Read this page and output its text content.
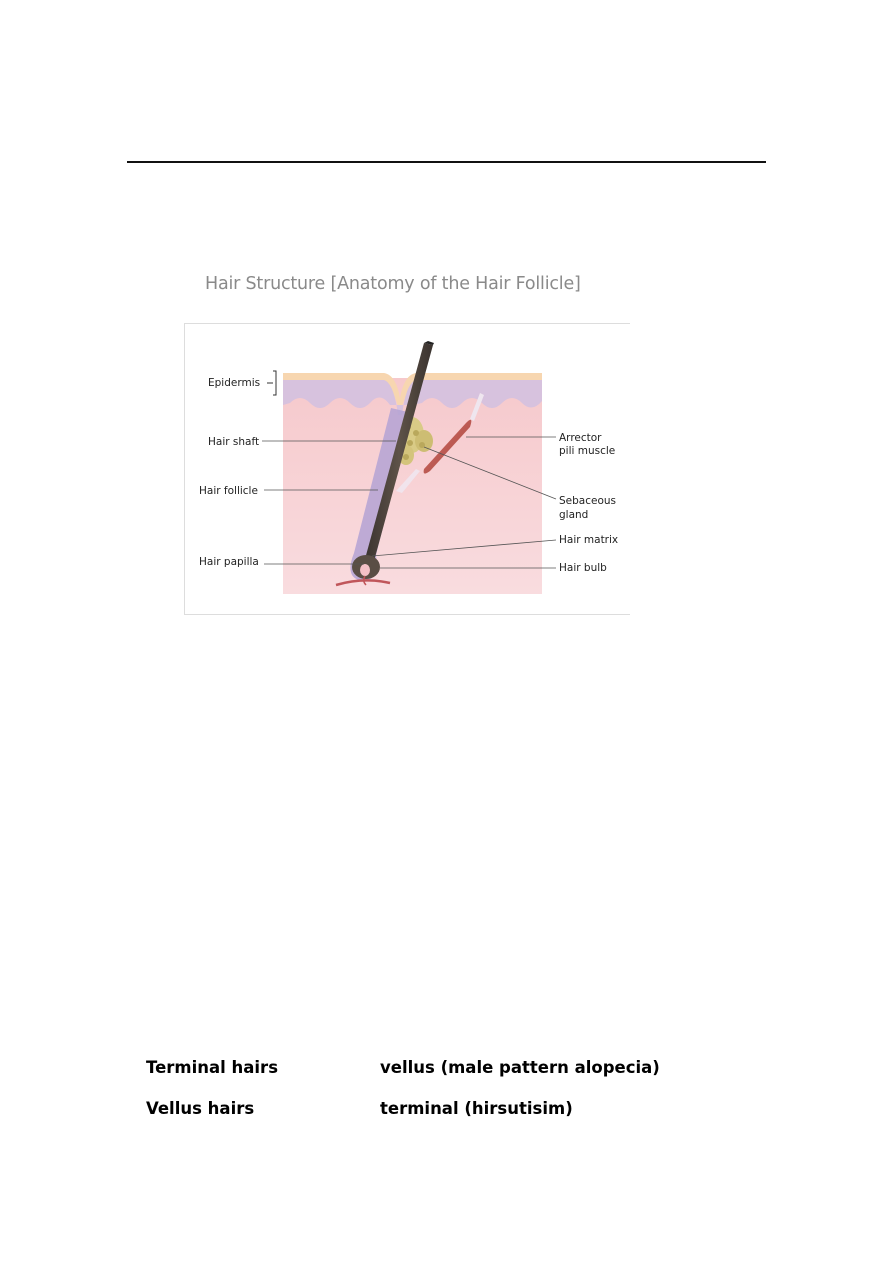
Hair Structure [Anatomy of the Hair Follicle]
Epidermis
Hair shaft
Hair follicle
Hair papilla
Arrector
pili muscle
Sebaceous
gland
Hair matrix
Hair bulb
Terminal hairs	vellus (male pattern alopecia)
Vellus hairs	terminal (hirsutisim)
